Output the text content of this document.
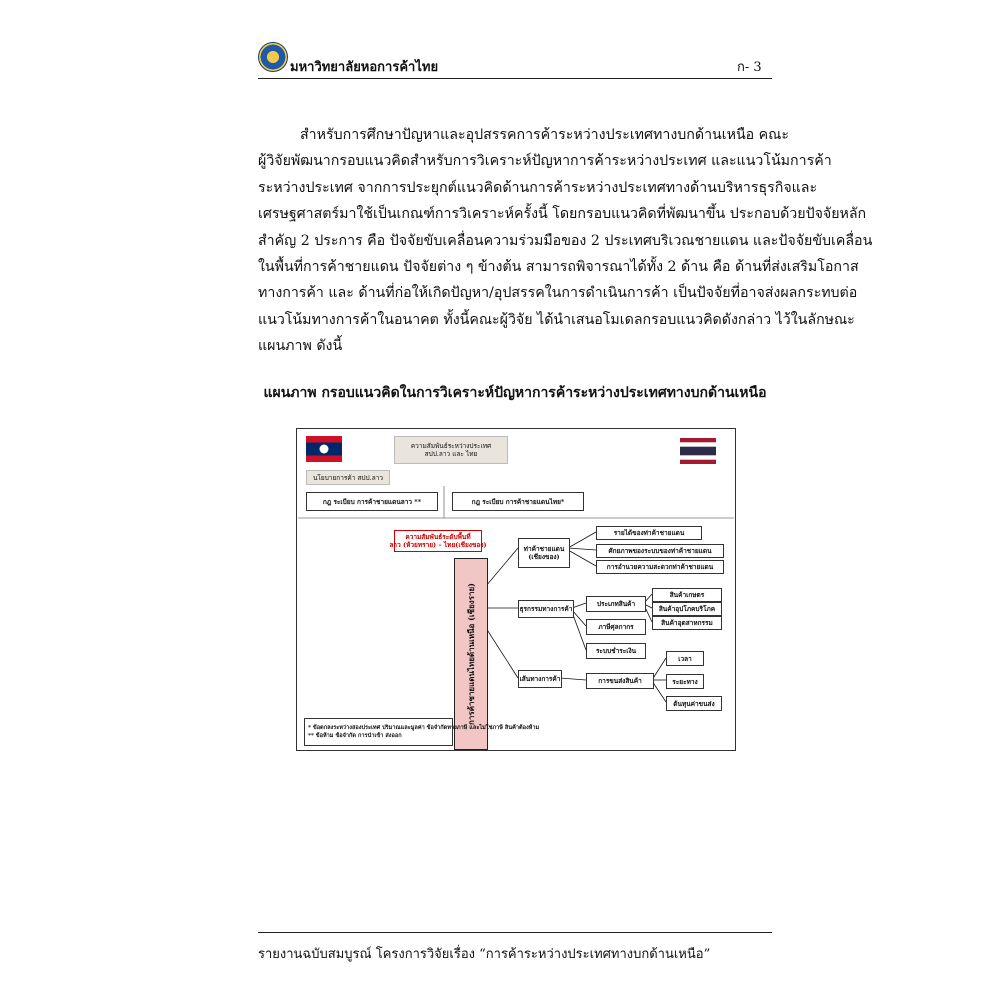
มหาวิทยาลัยหอการค้าไทย	ก- 3
สำหรับการศึกษาปัญหาและอุปสรรคการค้าระหว่างประเทศทางบกด้านเหนือ คณะ
ผู้วิจัยพัฒนากรอบแนวคิดสำหรับการวิเคราะห์ปัญหาการค้าระหว่างประเทศ และแนวโน้มการค้า
ระหว่างประเทศ จากการประยุกต์แนวคิดด้านการค้าระหว่างประเทศทางด้านบริหารธุรกิจและ
เศรษฐศาสตร์มาใช้เป็นเกณฑ์การวิเคราะห์ครั้งนี้ โดยกรอบแนวคิดที่พัฒนาขึ้น ประกอบด้วยปัจจัยหลัก
สำคัญ 2 ประการ คือ ปัจจัยขับเคลื่อนความร่วมมือของ 2 ประเทศบริเวณชายแดน และปัจจัยขับเคลื่อน
ในพื้นที่การค้าชายแดน ปัจจัยต่าง ๆ ข้างต้น สามารถพิจารณาได้ทั้ง 2 ด้าน คือ ด้านที่ส่งเสริมโอกาส
ทางการค้า และ ด้านที่ก่อให้เกิดปัญหา/อุปสรรคในการดำเนินการค้า เป็นปัจจัยที่อาจส่งผลกระทบต่อ
แนวโน้มทางการค้าในอนาคต ทั้งนี้คณะผู้วิจัย ได้นำเสนอโมเดลกรอบแนวคิดดังกล่าว ไว้ในลักษณะ
แผนภาพ ดังนี้
แผนภาพ กรอบแนวคิดในการวิเคราะห์ปัญหาการค้าระหว่างประเทศทางบกด้านเหนือ
ความสัมพันธ์ระหว่างประเทศ
สปป.ลาว และ ไทย
นโยบายการค้า สปป.ลาว
กฎ ระเบียบ การค้าชายแดนลาว **	กฎ ระเบียบ การค้าชายแดนไทย*
ความสัมพันธ์ระดับพื้นที่
ลาว (ห้วยทราย) – ไทย(เชียงของ)
การค้าชายแดนไทยด้านเหนือ (เชียงราย)
ท่าค้าชายแดน (เชียงของ)
ธุรกรรมทางการค้า
เส้นทางการค้า
รายได้ของท่าค้าชายแดน
ศักยภาพของระบบของท่าค้าชายแดน
การอำนวยความสะดวกท่าค้าชายแดน
ประเภทสินค้า
ภาษีศุลกากร
ระบบชำระเงิน
สินค้าเกษตร
สินค้าอุปโภคบริโภค
สินค้าอุตสาหกรรม
การขนส่งสินค้า
เวลา
ระยะทาง
ต้นทุนค่าขนส่ง
* ข้อตกลงระหว่างสองประเทศ ปริมาณและมูลค่า ข้อจำกัดทางภาษี และไม่ใช่ภาษี สินค้าต้องห้าม
** ข้อห้าม ข้อจำกัด การนำเข้า ส่งออก
รายงานฉบับสมบูรณ์ โครงการวิจัยเรื่อง “การค้าระหว่างประเทศทางบกด้านเหนือ”
